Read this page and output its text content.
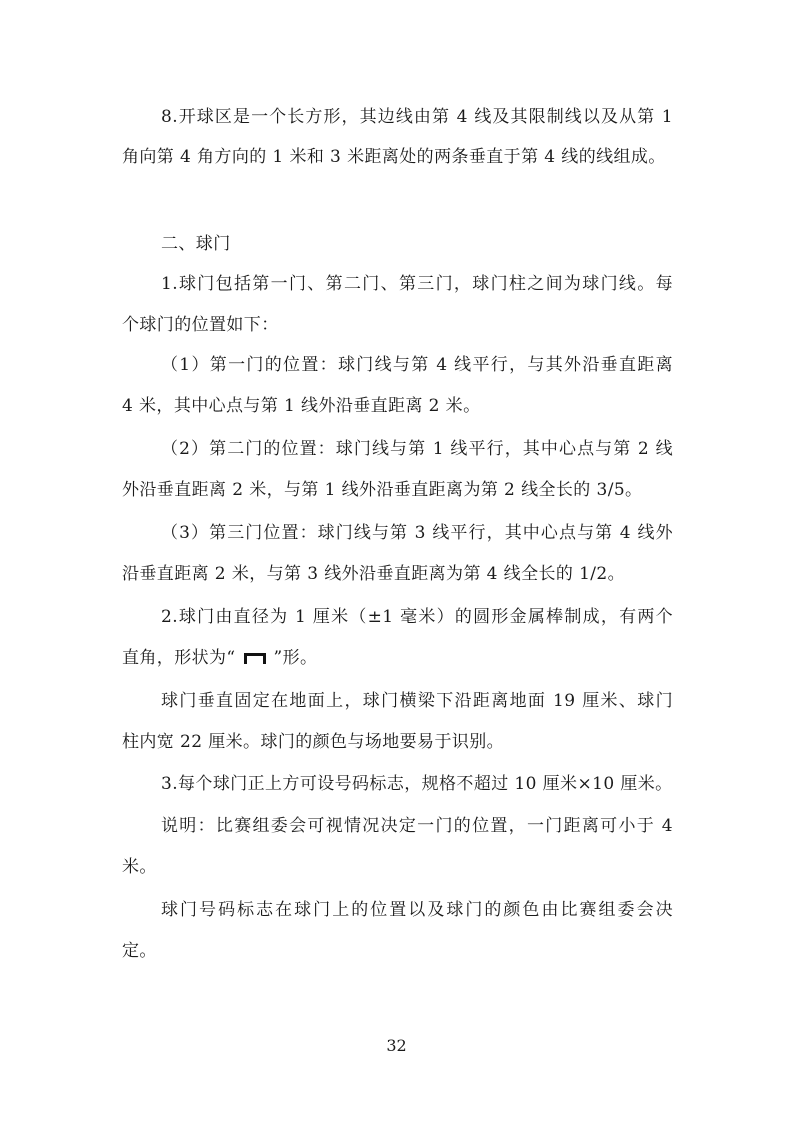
8.开球区是一个长方形，其边线由第 4 线及其限制线以及从第 1
角向第 4 角方向的 1 米和 3 米距离处的两条垂直于第 4 线的线组成。
二、球门
1.球门包括第一门、第二门、第三门，球门柱之间为球门线。每
个球门的位置如下：
（1）第一门的位置：球门线与第 4 线平行，与其外沿垂直距离
4 米，其中心点与第 1 线外沿垂直距离 2 米。
（2）第二门的位置：球门线与第 1 线平行，其中心点与第 2 线
外沿垂直距离 2 米，与第 1 线外沿垂直距离为第 2 线全长的 3/5。
（3）第三门位置：球门线与第 3 线平行，其中心点与第 4 线外
沿垂直距离 2 米，与第 3 线外沿垂直距离为第 4 线全长的 1/2。
2.球门由直径为 1 厘米（±1 毫米）的圆形金属棒制成，有两个
直角，形状为“ ”形。
球门垂直固定在地面上，球门横梁下沿距离地面 19 厘米、球门
柱内宽 22 厘米。球门的颜色与场地要易于识别。
3.每个球门正上方可设号码标志，规格不超过 10 厘米×10 厘米。
说明：比赛组委会可视情况决定一门的位置，一门距离可小于 4
米。
球门号码标志在球门上的位置以及球门的颜色由比赛组委会决
定。
32
